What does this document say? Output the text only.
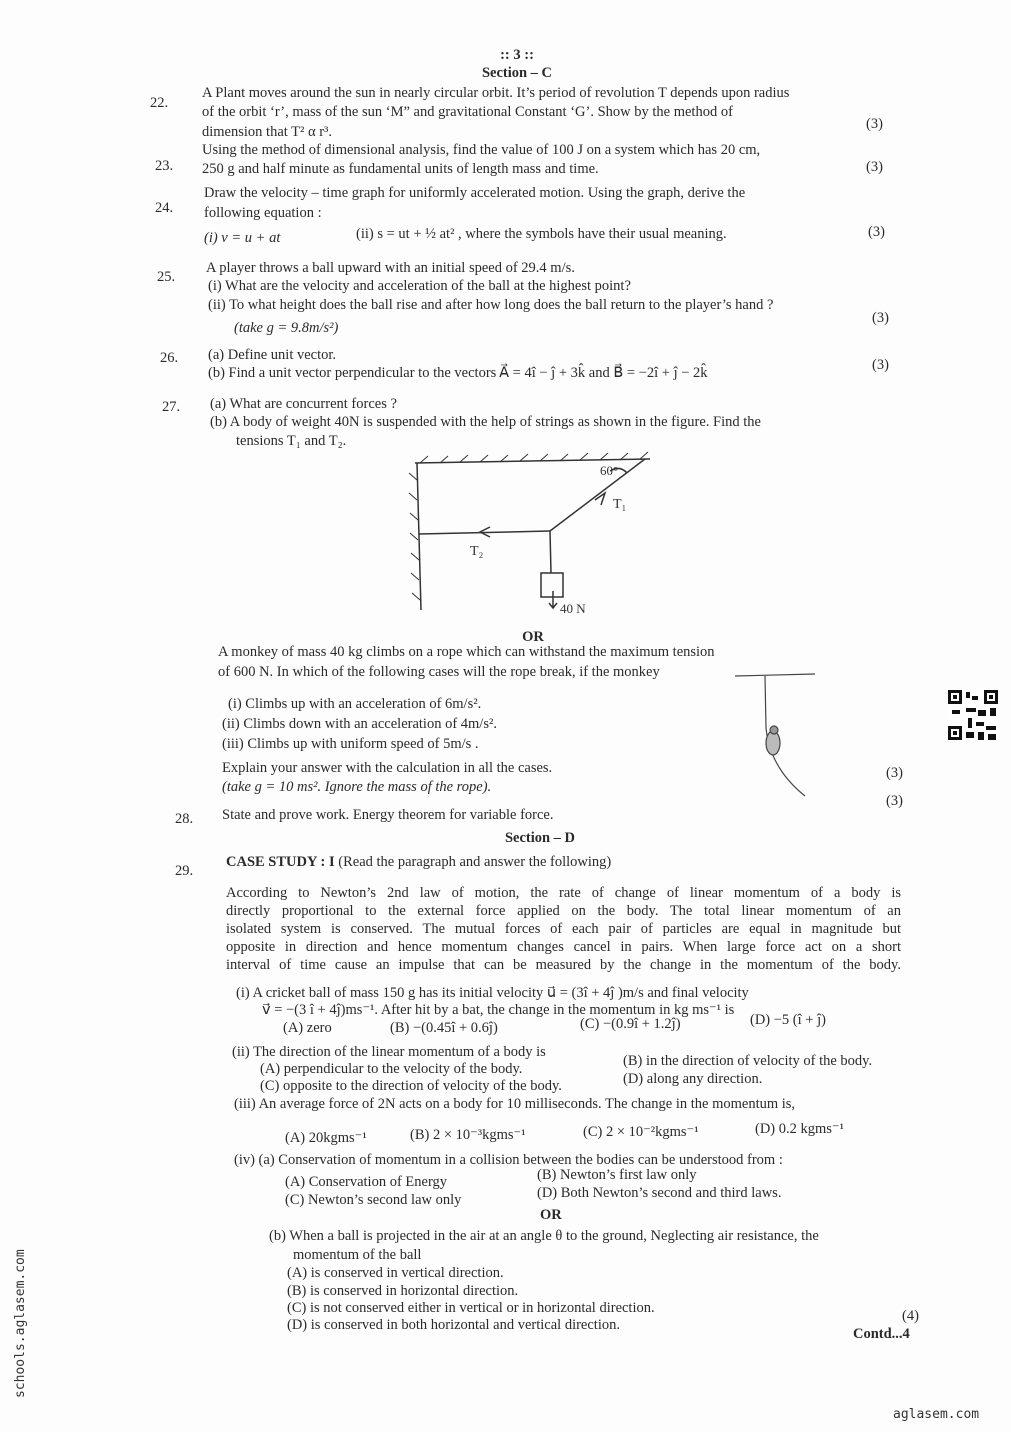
:: 3 ::
Section – C
22.
A Plant moves around the sun in nearly circular orbit. It’s period of revolution T depends upon radius
of the orbit ‘r’, mass of the sun ‘M” and gravitational Constant ‘G’. Show by the method of
dimension that T² α r³.	(3)
23.
Using the method of dimensional analysis, find the value of 100 J on a system which has 20 cm,
250 g and half minute as fundamental units of length mass and time.	(3)
24.
Draw the velocity – time graph for uniformly accelerated motion. Using the graph, derive the
following equation :
(i) v = u + at	(ii) s = ut + ½ at² , where the symbols have their usual meaning.	(3)
25.
A player throws a ball upward with an initial speed of 29.4 m/s.
(i) What are the velocity and acceleration of the ball at the highest point?
(ii) To what height does the ball rise and after how long does the ball return to the player’s hand ?
(take g = 9.8m/s²)
(3)
26. (a) Define unit vector.
(b) Find a unit vector perpendicular to the vectors A⃗ = 4î − ĵ + 3k̂ and B⃗ = −2î + ĵ − 2k̂	(3)
27. (a) What are concurrent forces ?
(b) A body of weight 40N is suspended with the help of strings as shown in the figure. Find the
tensions T₁ and T₂.
60°
T₁
T₂
40 N
OR
A monkey of mass 40 kg climbs on a rope which can withstand the maximum tension
of 600 N. In which of the following cases will the rope break, if the monkey
(i) Climbs up with an acceleration of 6m/s².
(ii) Climbs down with an acceleration of 4m/s².
(iii) Climbs up with uniform speed of 5m/s .
Explain your answer with the calculation in all the cases.
(take g = 10 ms². Ignore the mass of the rope).
(3)
28. State and prove work. Energy theorem for variable force.
(3)
Section – D
29.
CASE STUDY : I (Read the paragraph and answer the following)
According to Newton’s 2nd law of motion, the rate of change of linear momentum of a body is
directly proportional to the external force applied on the body. The total linear momentum of an
isolated system is conserved. The mutual forces of each pair of particles are equal in magnitude but
opposite in direction and hence momentum changes cancel in pairs. When large force act on a short
interval of time cause an impulse that can be measured by the change in the momentum of the body.
(i) A cricket ball of mass 150 g has its initial velocity u⃗ = (3î + 4ĵ )m/s and final velocity
v⃗ = −(3 î + 4ĵ)ms⁻¹. After hit by a bat, the change in the momentum in kg ms⁻¹ is
(A) zero	(B) −(0.45î + 0.6ĵ)	(C) −(0.9î + 1.2ĵ)	(D) −5 (î + ĵ)
(ii) The direction of the linear momentum of a body is
(A) perpendicular to the velocity of the body.	(B) in the direction of velocity of the body.
(C) opposite to the direction of velocity of the body.	(D) along any direction.
(iii) An average force of 2N acts on a body for 10 milliseconds. The change in the momentum is,
(A) 20kgms⁻¹	(B) 2 × 10⁻³kgms⁻¹	(C) 2 × 10⁻²kgms⁻¹	(D) 0.2 kgms⁻¹
(iv) (a) Conservation of momentum in a collision between the bodies can be understood from :
(A) Conservation of Energy	(B) Newton’s first law only
(C) Newton’s second law only	(D) Both Newton’s second and third laws.
OR
(b) When a ball is projected in the air at an angle θ to the ground, Neglecting air resistance, the
momentum of the ball
(A) is conserved in vertical direction.
(B) is conserved in horizontal direction.
(C) is not conserved either in vertical or in horizontal direction.
(D) is conserved in both horizontal and vertical direction.
(4)
Contd...4
schools.aglasem.com
aglasem.com
